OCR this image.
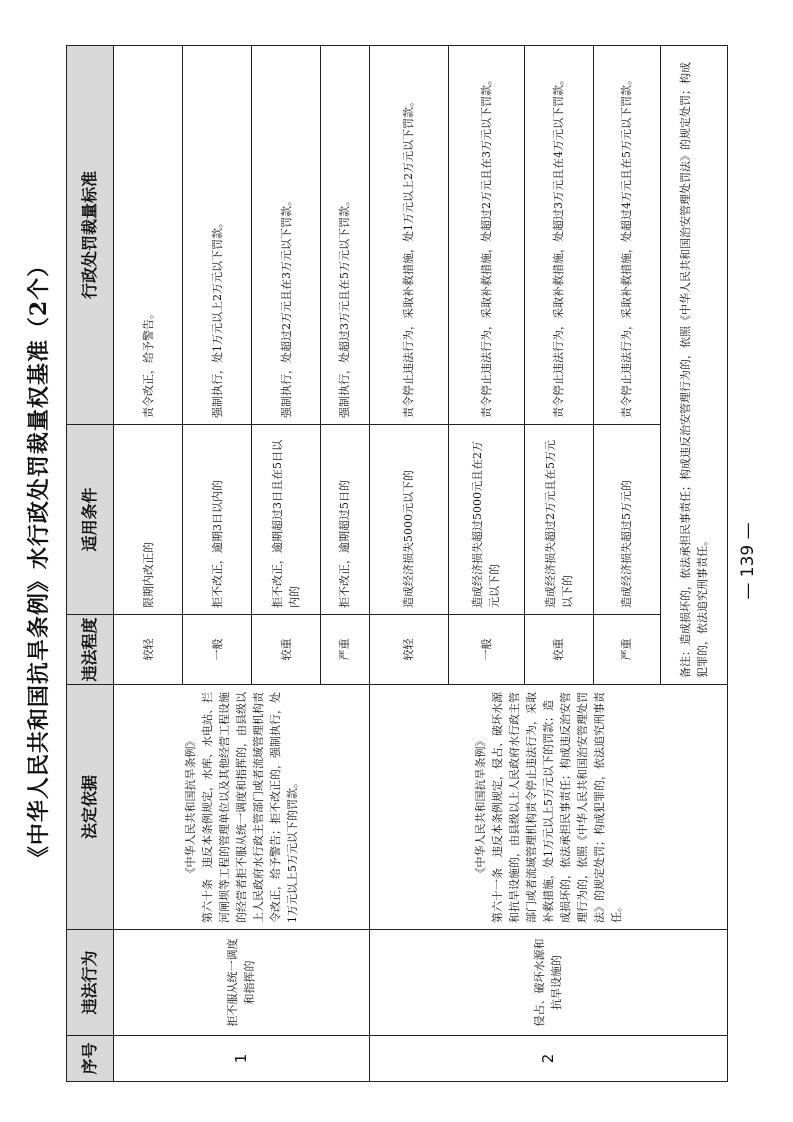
《中华人民共和国抗旱条例》水行政处罚裁量权基准（2个）
序号	违法行为	法定依据	违法程度	适用条件	行政处罚裁量标准
1	拒不服从统一调度和指挥的	《中华人民共和国抗旱条例》 第六十条　违反本条例规定，水库、水电站、拦河闸坝等工程的管理单位以及其他经营工程设施的经营者拒不服从统一调度和指挥的，由县级以上人民政府水行政主管部门或者流域管理机构责令改正，给予警告；拒不改正的，强制执行，处1万元以上5万元以下的罚款。	较轻	限期内改正的	责令改正，给予警告。
			一般	拒不改正，逾期3日以内的	强制执行，处1万元以上2万元以下罚款。
			较重	拒不改正，逾期超过3日且在5日以内的	强制执行，处超过2万元且在3万元以下罚款。
			严重	拒不改正，逾期超过5日的	强制执行，处超过3万元且在5万元以下罚款。
2	侵占、破坏水源和抗旱设施的	《中华人民共和国抗旱条例》 第六十一条　违反本条例规定，侵占、破坏水源和抗旱设施的，由县级以上人民政府水行政主管部门或者流域管理机构责令停止违法行为，采取补救措施，处1万元以上5万元以下的罚款；造成损坏的，依法承担民事责任；构成违反治安管理行为的，依照《中华人民共和国治安管理处罚法》的规定处罚；构成犯罪的，依法追究刑事责任。	较轻	造成经济损失5000元以下的	责令停止违法行为，采取补救措施，处1万元以上2万元以下罚款。
			一般	造成经济损失超过5000元且在2万元以下的	责令停止违法行为，采取补救措施，处超过2万元且在3万元以下罚款。
			较重	造成经济损失超过2万元且在5万元以下的	责令停止违法行为，采取补救措施，处超过3万元且在4万元以下罚款。
			严重	造成经济损失超过5万元的	责令停止违法行为，采取补救措施，处超过4万元且在5万元以下罚款。
			备注：造成损坏的，依法承担民事责任；构成违反治安管理行为的，依照《中华人民共和国治安管理处罚法》的规定处罚；构成犯罪的，依法追究刑事责任。		— 139 —
